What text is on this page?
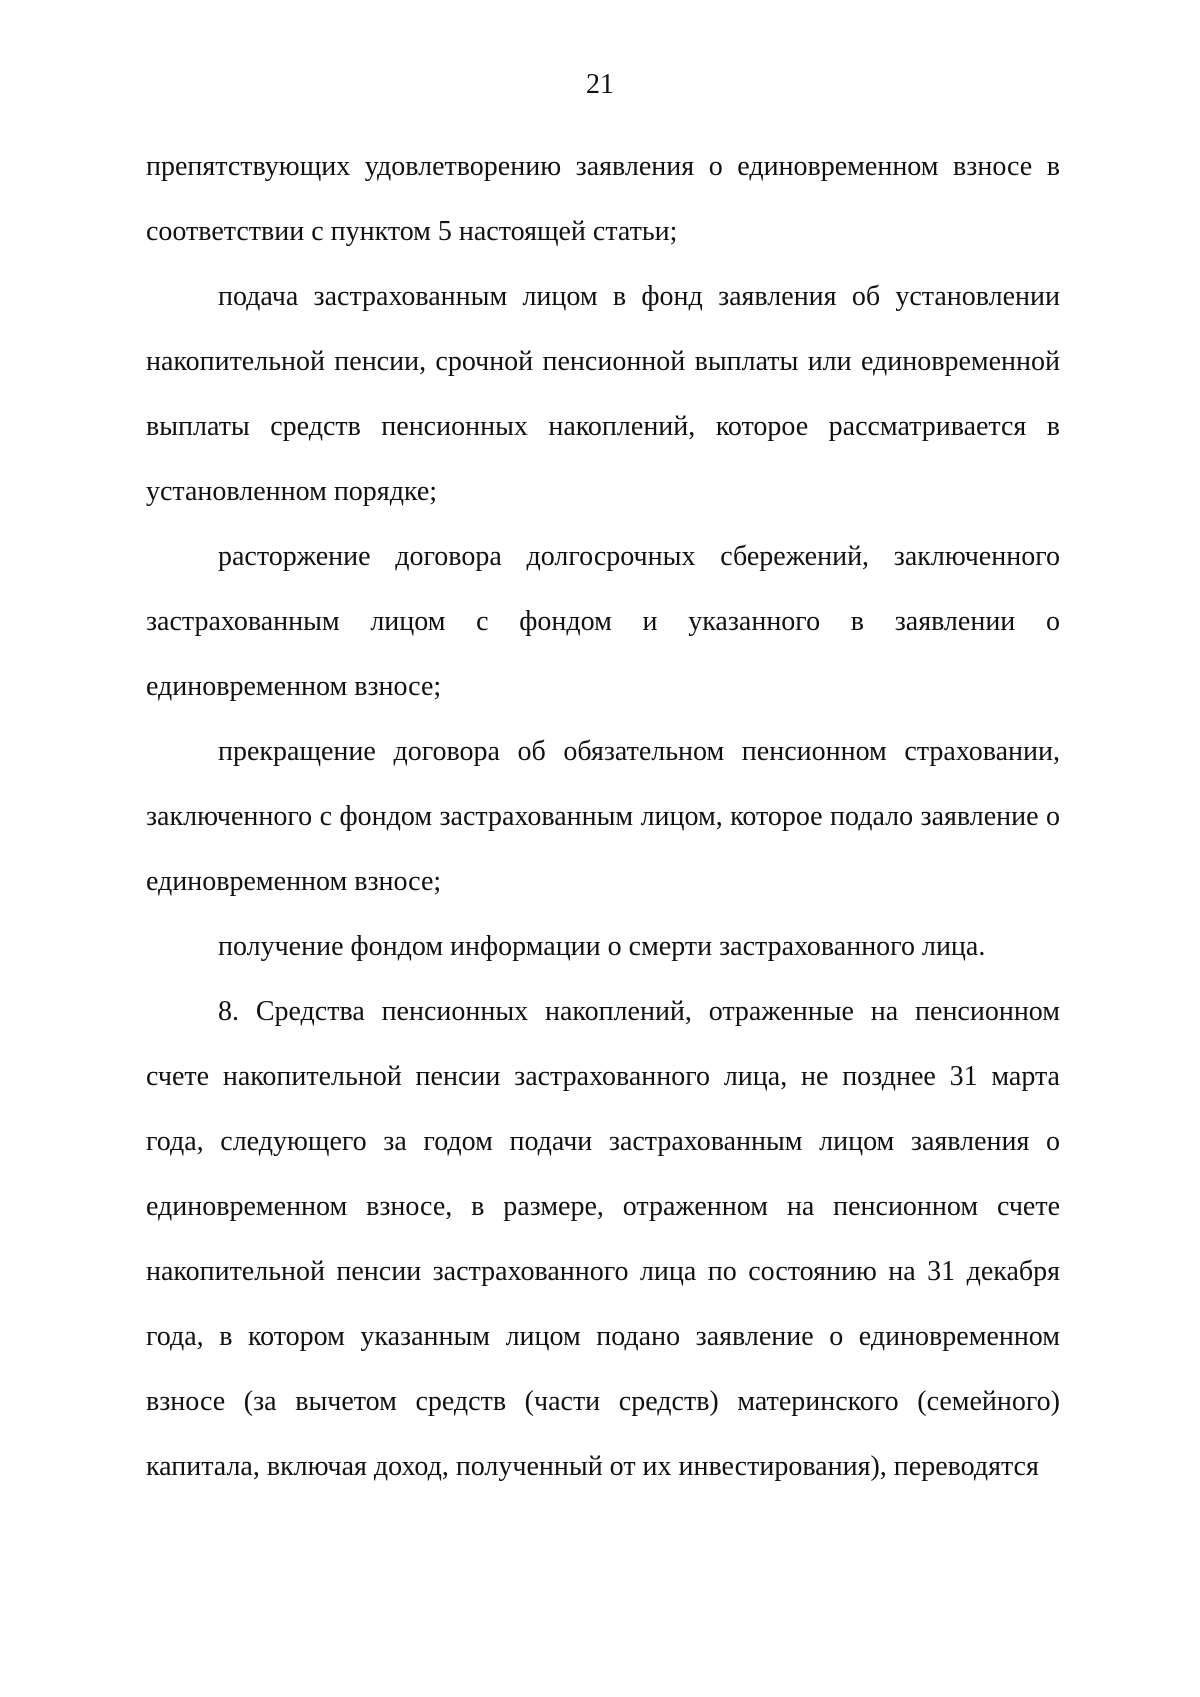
21

препятствующих удовлетворению заявления о единовременном взносе в соответствии с пунктом 5 настоящей статьи;

подача застрахованным лицом в фонд заявления об установлении накопительной пенсии, срочной пенсионной выплаты или единовременной выплаты средств пенсионных накоплений, которое рассматривается в установленном порядке;

расторжение договора долгосрочных сбережений, заключенного застрахованным лицом с фондом и указанного в заявлении о единовременном взносе;

прекращение договора об обязательном пенсионном страховании, заключенного с фондом застрахованным лицом, которое подало заявление о единовременном взносе;

получение фондом информации о смерти застрахованного лица.

8. Средства пенсионных накоплений, отраженные на пенсионном счете накопительной пенсии застрахованного лица, не позднее 31 марта года, следующего за годом подачи застрахованным лицом заявления о единовременном взносе, в размере, отраженном на пенсионном счете накопительной пенсии застрахованного лица по состоянию на 31 декабря года, в котором указанным лицом подано заявление о единовременном взносе (за вычетом средств (части средств) материнского (семейного) капитала, включая доход, полученный от их инвестирования), переводятся
